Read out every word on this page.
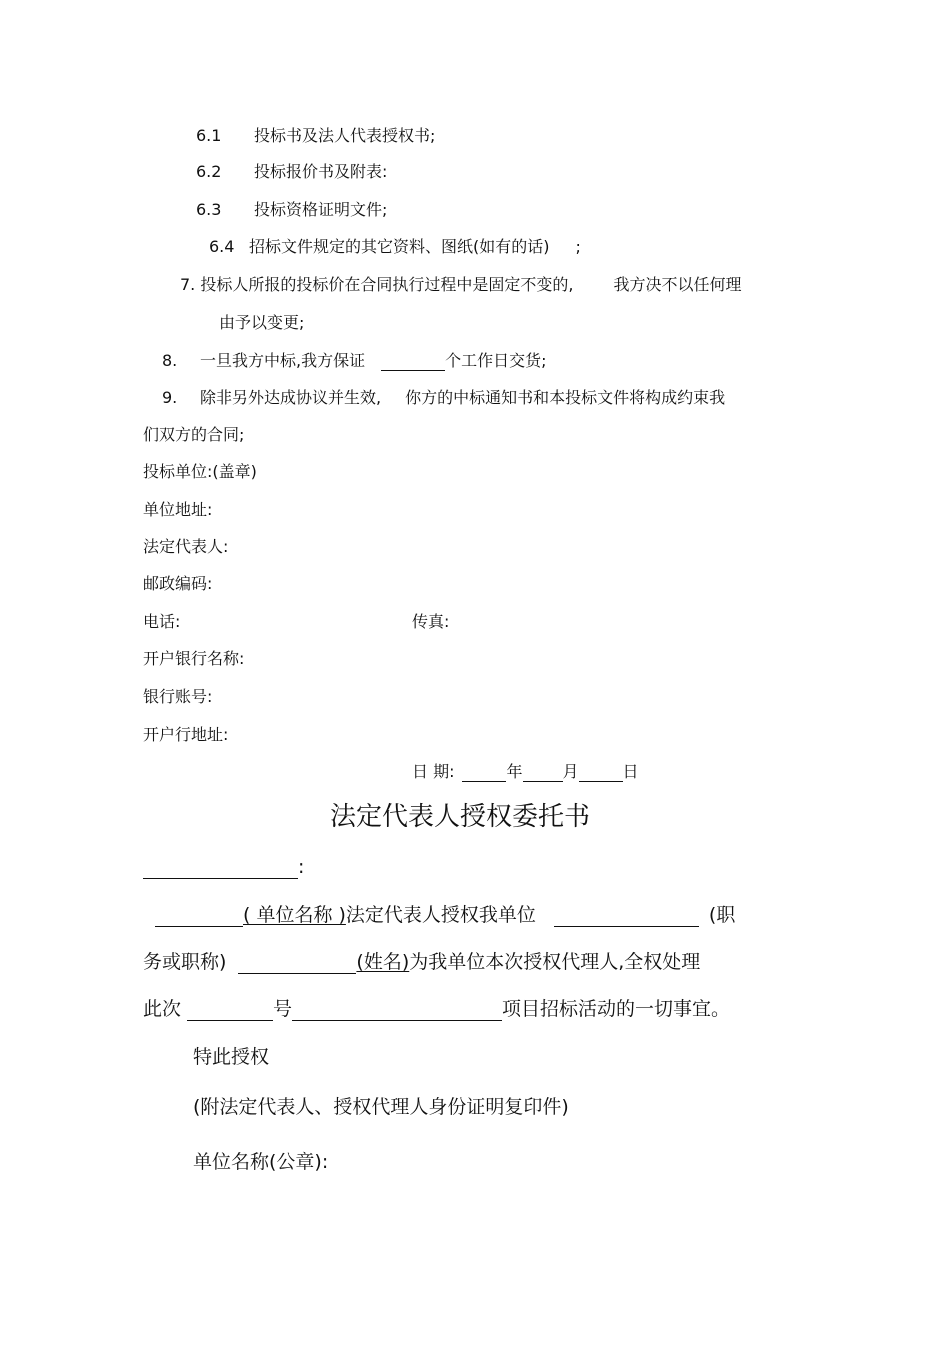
6.1 投标书及法人代表授权书;
6.2 投标报价书及附表:
6.3 投标资格证明文件;
6.4 招标文件规定的其它资料、图纸(如有的话) ;
7. 投标人所报的投标价在合同执行过程中是固定不变的,	我方决不以任何理
由予以变更;
8. 一旦我方中标,我方保证	个工作日交货;
9. 除非另外达成协议并生效, 你方的中标通知书和本投标文件将构成约束我
们双方的合同;
投标单位:(盖章)
单位地址:
法定代表人:
邮政编码:
电话:	传真:
开户银行名称:
银行账号:
开户行地址:
日 期:	年	月	日
法定代表人授权委托书
:
( 单位名称 )法定代表人授权我单位	(职
务或职称)	(姓名)为我单位本次授权代理人,全权处理
此次	号	项目招标活动的一切事宜。
特此授权
(附法定代表人、授权代理人身份证明复印件)
单位名称(公章):
